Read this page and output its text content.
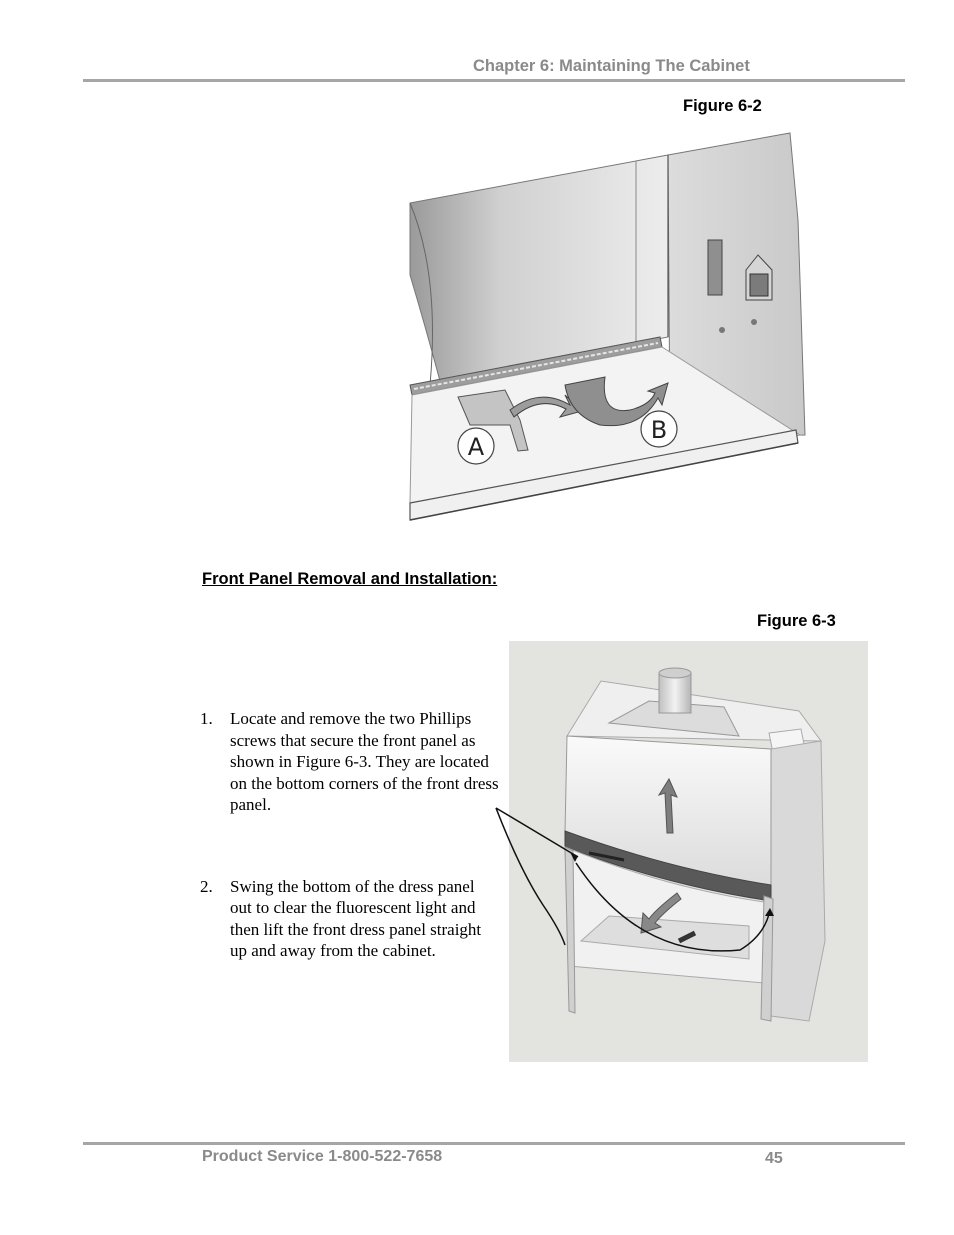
Chapter 6: Maintaining The Cabinet
Figure 6-2
A
B
Front Panel Removal and Installation:
Figure 6-3
1. Locate and remove the two Phillips screws that secure the front panel as shown in Figure 6-3. They are located on the bottom corners of the front dress panel.
2. Swing the bottom of the dress panel out to clear the fluorescent light and then lift the front dress panel straight up and away from the cabinet.
Product Service 1-800-522-7658	45
